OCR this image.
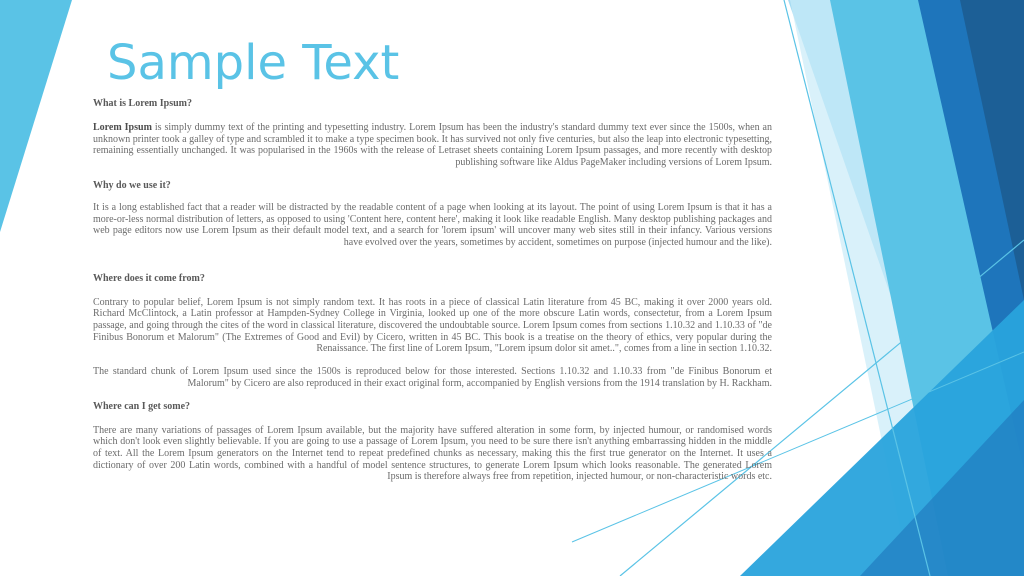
Sample Text

What is Lorem Ipsum?

Lorem Ipsum is simply dummy text of the printing and typesetting industry. Lorem Ipsum has been the industry's standard dummy text ever since the 1500s, when an unknown printer took a galley of type and scrambled it to make a type specimen book. It has survived not only five centuries, but also the leap into electronic typesetting, remaining essentially unchanged. It was popularised in the 1960s with the release of Letraset sheets containing Lorem Ipsum passages, and more recently with desktop publishing software like Aldus PageMaker including versions of Lorem Ipsum.

Why do we use it?

It is a long established fact that a reader will be distracted by the readable content of a page when looking at its layout. The point of using Lorem Ipsum is that it has a more-or-less normal distribution of letters, as opposed to using 'Content here, content here', making it look like readable English. Many desktop publishing packages and web page editors now use Lorem Ipsum as their default model text, and a search for 'lorem ipsum' will uncover many web sites still in their infancy. Various versions have evolved over the years, sometimes by accident, sometimes on purpose (injected humour and the like).

Where does it come from?

Contrary to popular belief, Lorem Ipsum is not simply random text. It has roots in a piece of classical Latin literature from 45 BC, making it over 2000 years old. Richard McClintock, a Latin professor at Hampden-Sydney College in Virginia, looked up one of the more obscure Latin words, consectetur, from a Lorem Ipsum passage, and going through the cites of the word in classical literature, discovered the undoubtable source. Lorem Ipsum comes from sections 1.10.32 and 1.10.33 of "de Finibus Bonorum et Malorum" (The Extremes of Good and Evil) by Cicero, written in 45 BC. This book is a treatise on the theory of ethics, very popular during the Renaissance. The first line of Lorem Ipsum, "Lorem ipsum dolor sit amet..", comes from a line in section 1.10.32.

The standard chunk of Lorem Ipsum used since the 1500s is reproduced below for those interested. Sections 1.10.32 and 1.10.33 from "de Finibus Bonorum et Malorum" by Cicero are also reproduced in their exact original form, accompanied by English versions from the 1914 translation by H. Rackham.

Where can I get some?

There are many variations of passages of Lorem Ipsum available, but the majority have suffered alteration in some form, by injected humour, or randomised words which don't look even slightly believable. If you are going to use a passage of Lorem Ipsum, you need to be sure there isn't anything embarrassing hidden in the middle of text. All the Lorem Ipsum generators on the Internet tend to repeat predefined chunks as necessary, making this the first true generator on the Internet. It uses a dictionary of over 200 Latin words, combined with a handful of model sentence structures, to generate Lorem Ipsum which looks reasonable. The generated Lorem Ipsum is therefore always free from repetition, injected humour, or non-characteristic words etc.
